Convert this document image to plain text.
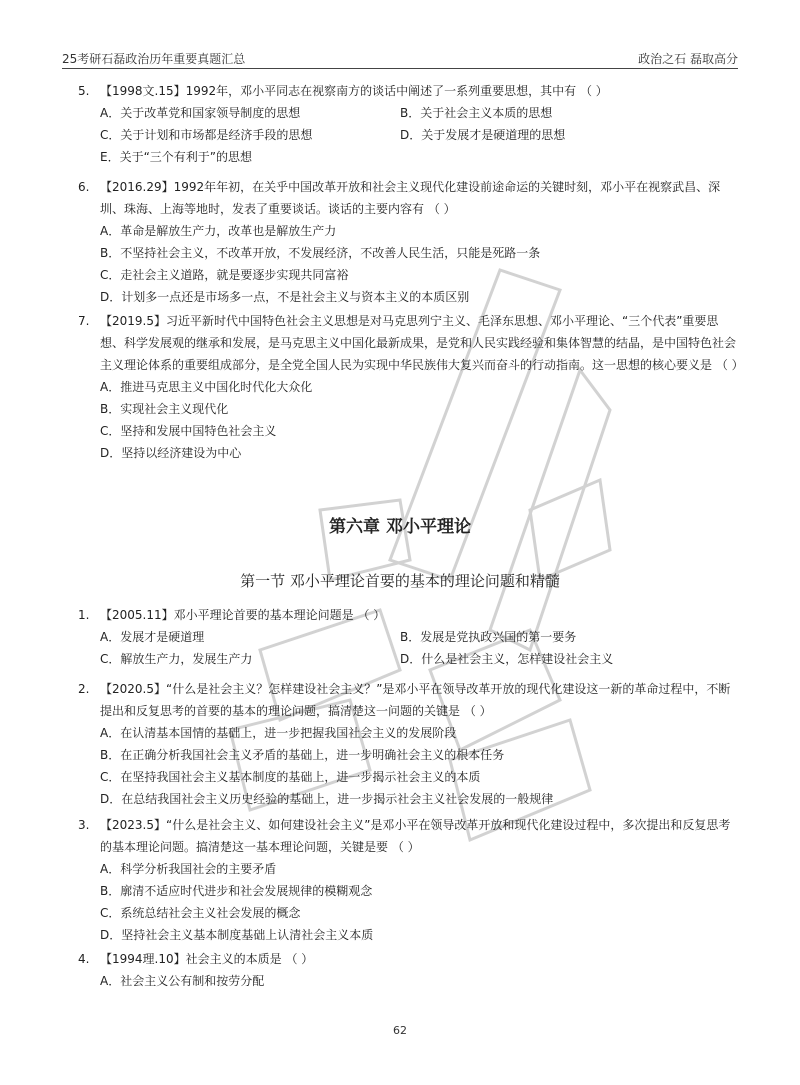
25考研石磊政治历年重要真题汇总	政治之石 磊取高分
5. 【1998文.15】1992年，邓小平同志在视察南方的谈话中阐述了一系列重要思想，其中有 （ ）
A．关于改革党和国家领导制度的思想	B．关于社会主义本质的思想
C．关于计划和市场都是经济手段的思想	D．关于发展才是硬道理的思想
E．关于“三个有利于”的思想
6. 【2016.29】1992年年初，在关乎中国改革开放和社会主义现代化建设前途命运的关键时刻，邓小平在视察武昌、深圳、珠海、上海等地时，发表了重要谈话。谈话的主要内容有 （ ）
A．革命是解放生产力，改革也是解放生产力
B．不坚持社会主义，不改革开放，不发展经济，不改善人民生活，只能是死路一条
C．走社会主义道路，就是要逐步实现共同富裕
D．计划多一点还是市场多一点，不是社会主义与资本主义的本质区别
7. 【2019.5】习近平新时代中国特色社会主义思想是对马克思列宁主义、毛泽东思想、邓小平理论、“三个代表”重要思想、科学发展观的继承和发展，是马克思主义中国化最新成果，是党和人民实践经验和集体智慧的结晶，是中国特色社会主义理论体系的重要组成部分，是全党全国人民为实现中华民族伟大复兴而奋斗的行动指南。这一思想的核心要义是 （ ）
A．推进马克思主义中国化时代化大众化
B．实现社会主义现代化
C．坚持和发展中国特色社会主义
D．坚持以经济建设为中心
第六章 邓小平理论
第一节 邓小平理论首要的基本的理论问题和精髓
1. 【2005.11】邓小平理论首要的基本理论问题是 （ ）
A．发展才是硬道理	B．发展是党执政兴国的第一要务
C．解放生产力，发展生产力	D．什么是社会主义，怎样建设社会主义
2. 【2020.5】“什么是社会主义？怎样建设社会主义？”是邓小平在领导改革开放的现代化建设这一新的革命过程中，不断提出和反复思考的首要的基本的理论问题，搞清楚这一问题的关键是 （ ）
A．在认清基本国情的基础上，进一步把握我国社会主义的发展阶段
B．在正确分析我国社会主义矛盾的基础上，进一步明确社会主义的根本任务
C．在坚持我国社会主义基本制度的基础上，进一步揭示社会主义的本质
D．在总结我国社会主义历史经验的基础上，进一步揭示社会主义社会发展的一般规律
3. 【2023.5】“什么是社会主义、如何建设社会主义”是邓小平在领导改革开放和现代化建设过程中，多次提出和反复思考的基本理论问题。搞清楚这一基本理论问题，关键是要 （ ）
A．科学分析我国社会的主要矛盾
B．廓清不适应时代进步和社会发展规律的模糊观念
C．系统总结社会主义社会发展的概念
D．坚持社会主义基本制度基础上认清社会主义本质
4. 【1994理.10】社会主义的本质是 （ ）
A．社会主义公有制和按劳分配
62
